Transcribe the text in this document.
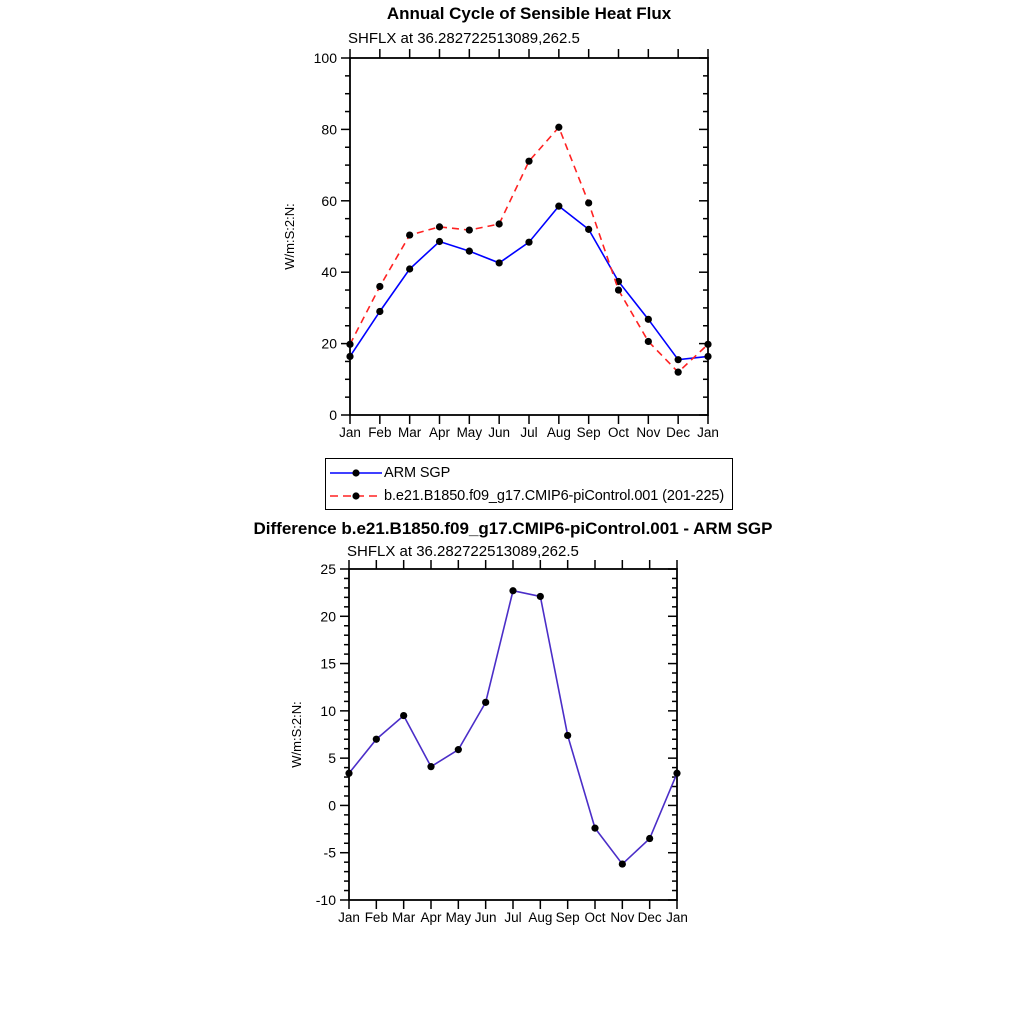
0
20
40
60
80
100
Jan Feb Mar Apr May Jun Jul Aug Sep Oct Nov Dec Jan
W/m:S:2:N:
-10
-5
0
5
10
15
20
25
Jan Feb Mar Apr May Jun Jul Aug Sep Oct Nov Dec Jan
W/m:S:2:N:
Annual Cycle of Sensible Heat Flux
SHFLX at 36.282722513089,262.5
ARM SGP
b.e21.B1850.f09_g17.CMIP6-piControl.001 (201-225)
Difference b.e21.B1850.f09_g17.CMIP6-piControl.001 - ARM SGP
SHFLX at 36.282722513089,262.5
